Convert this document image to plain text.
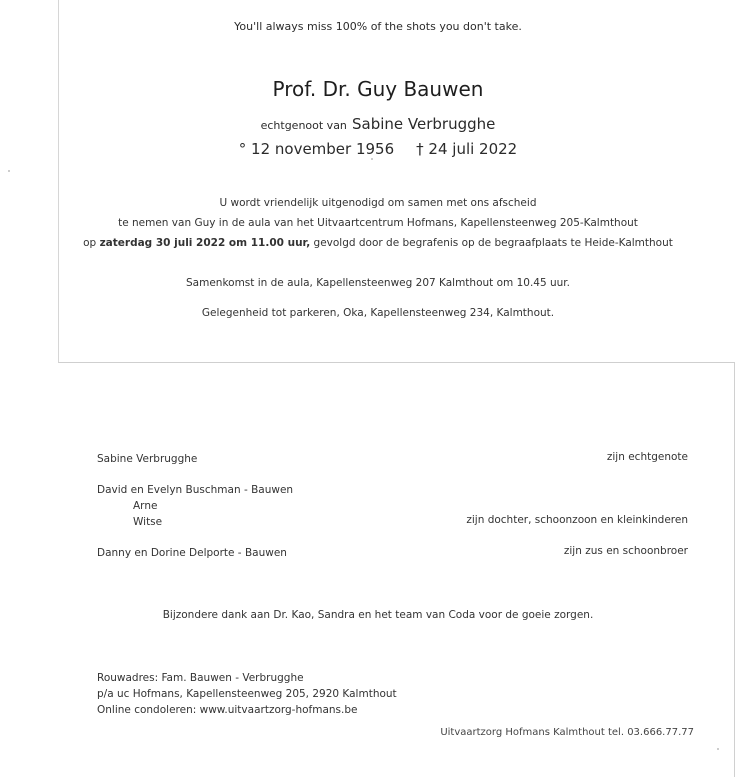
You'll always miss 100% of the shots you don't take.
Prof. Dr. Guy Bauwen
echtgenoot van Sabine Verbrugghe
° 12 november 1956 † 24 juli 2022
U wordt vriendelijk uitgenodigd om samen met ons afscheid
te nemen van Guy in de aula van het Uitvaartcentrum Hofmans, Kapellensteenweg 205-Kalmthout
op zaterdag 30 juli 2022 om 11.00 uur, gevolgd door de begrafenis op de begraafplaats te Heide-Kalmthout
Samenkomst in de aula, Kapellensteenweg 207 Kalmthout om 10.45 uur.
Gelegenheid tot parkeren, Oka, Kapellensteenweg 234, Kalmthout.
Sabine Verbrugghe	zijn echtgenote
David en Evelyn Buschman - Bauwen
Arne
Witse	zijn dochter, schoonzoon en kleinkinderen
Danny en Dorine Delporte - Bauwen	zijn zus en schoonbroer
Bijzondere dank aan Dr. Kao, Sandra en het team van Coda voor de goeie zorgen.
Rouwadres: Fam. Bauwen - Verbrugghe
p/a uc Hofmans, Kapellensteenweg 205, 2920 Kalmthout
Online condoleren: www.uitvaartzorg-hofmans.be
Uitvaartzorg Hofmans Kalmthout tel. 03.666.77.77
